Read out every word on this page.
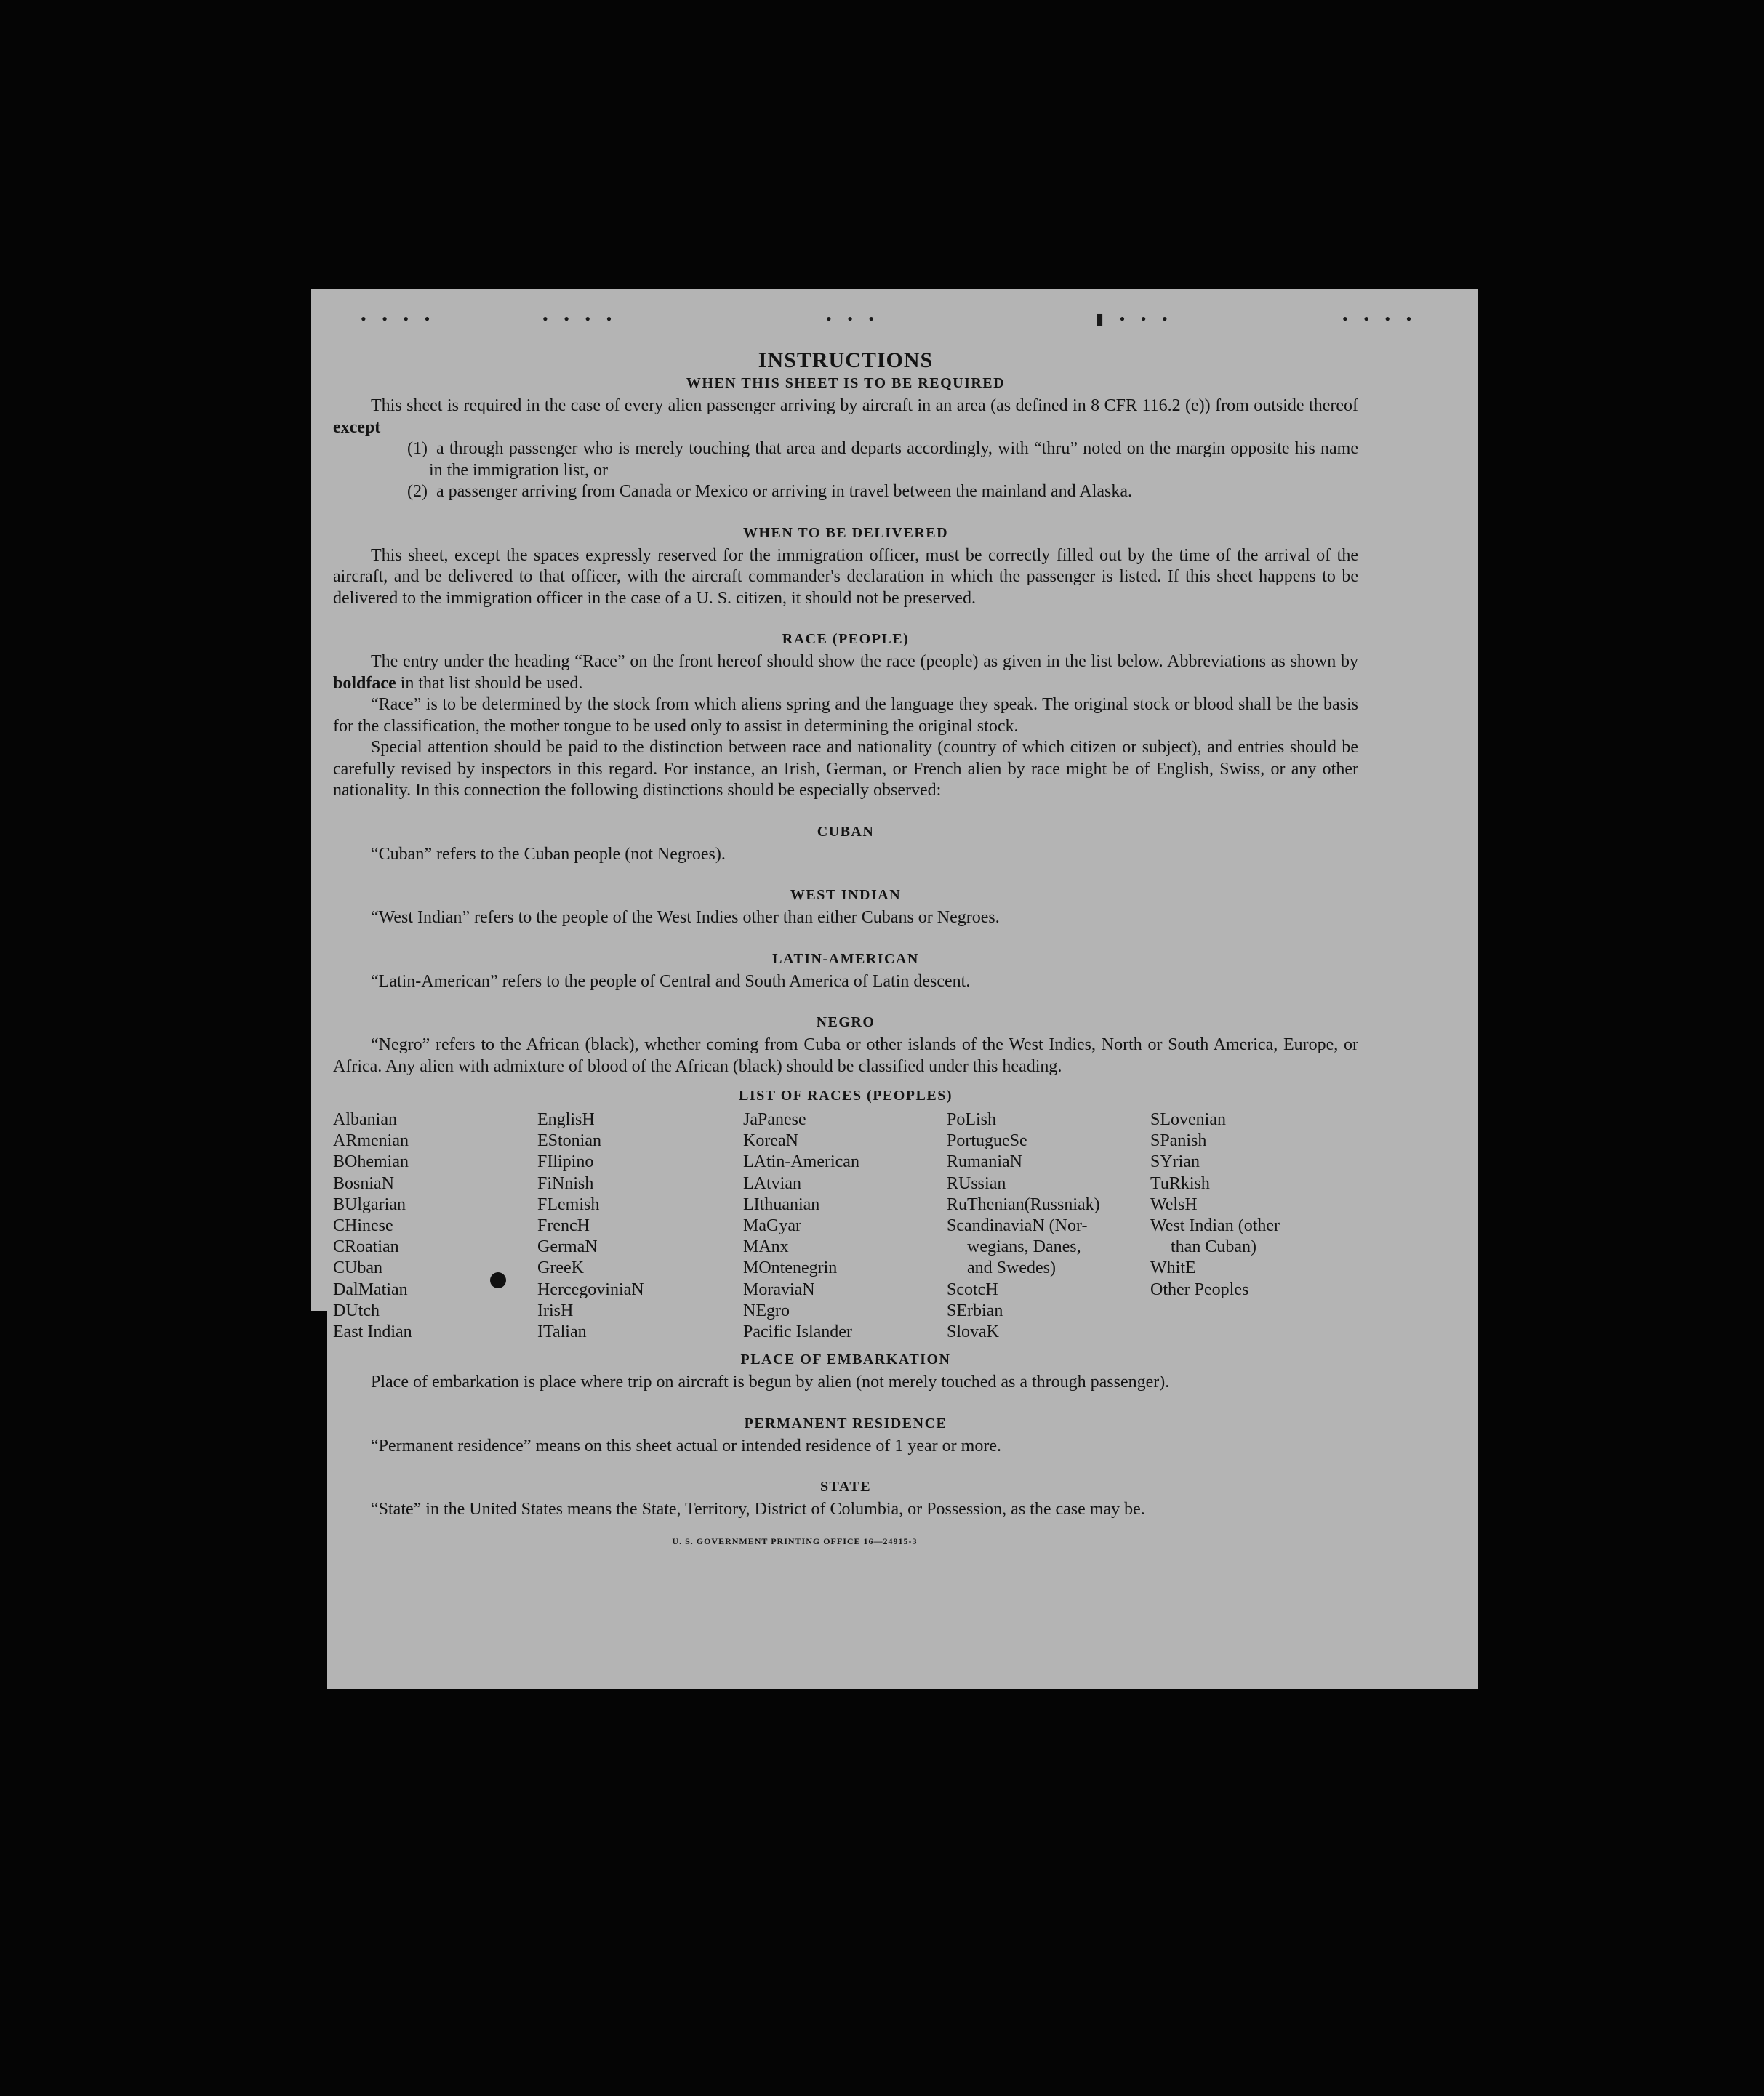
• • • •	• • • •	• • •	▮ • • •	• • • •
INSTRUCTIONS
WHEN THIS SHEET IS TO BE REQUIRED

This sheet is required in the case of every alien passenger arriving by aircraft in an area (as defined in 8 CFR 116.2 (e)) from outside thereof except

(1) a through passenger who is merely touching that area and departs accordingly, with “thru” noted on the margin opposite his name in the immigration list, or

(2) a passenger arriving from Canada or Mexico or arriving in travel between the mainland and Alaska.

WHEN TO BE DELIVERED

This sheet, except the spaces expressly reserved for the immigration officer, must be correctly filled out by the time of the arrival of the aircraft, and be delivered to that officer, with the aircraft commander's declaration in which the passenger is listed. If this sheet happens to be delivered to the immigration officer in the case of a U. S. citizen, it should not be preserved.

RACE (PEOPLE)

The entry under the heading “Race” on the front hereof should show the race (people) as given in the list below. Abbreviations as shown by boldface in that list should be used.

“Race” is to be determined by the stock from which aliens spring and the language they speak. The original stock or blood shall be the basis for the classification, the mother tongue to be used only to assist in determining the original stock.

Special attention should be paid to the distinction between race and nationality (country of which citizen or subject), and entries should be carefully revised by inspectors in this regard. For instance, an Irish, German, or French alien by race might be of English, Swiss, or any other nationality. In this connection the following distinctions should be especially observed:

CUBAN

“Cuban” refers to the Cuban people (not Negroes).

WEST INDIAN

“West Indian” refers to the people of the West Indies other than either Cubans or Negroes.

LATIN-AMERICAN

“Latin-American” refers to the people of Central and South America of Latin descent.

NEGRO

“Negro” refers to the African (black), whether coming from Cuba or other islands of the West Indies, North or South America, Europe, or Africa. Any alien with admixture of blood of the African (black) should be classified under this heading.

LIST OF RACES (PEOPLES)
Albanian
ARmenian
BOhemian
BosniaN
BUlgarian
CHinese
CRoatian
CUban
DalMatian
DUtch
East Indian
EnglisH
EStonian
FIlipino
FiNnish
FLemish
FrencH
GermaN
GreeK
HercegoviniaN
IrisH
ITalian
JaPanese
KoreaN
LAtin-American
LAtvian
LIthuanian
MaGyar
MAnx
MOntenegrin
MoraviaN
NEgro
Pacific Islander
PoLish
PortugueSe
RumaniaN
RUssian
RuThenian(Russniak)
ScandinaviaN (Nor-
wegians, Danes,
and Swedes)
ScotcH
SErbian
SlovaK
SLovenian
SPanish
SYrian
TuRkish
WelsH
West Indian (other
than Cuban)
WhitE
Other Peoples
PLACE OF EMBARKATION

Place of embarkation is place where trip on aircraft is begun by alien (not merely touched as a through passenger).

PERMANENT RESIDENCE

“Permanent residence” means on this sheet actual or intended residence of 1 year or more.

STATE

“State” in the United States means the State, Territory, District of Columbia, or Possession, as the case may be.

U. S. GOVERNMENT PRINTING OFFICE 16—24915-3
